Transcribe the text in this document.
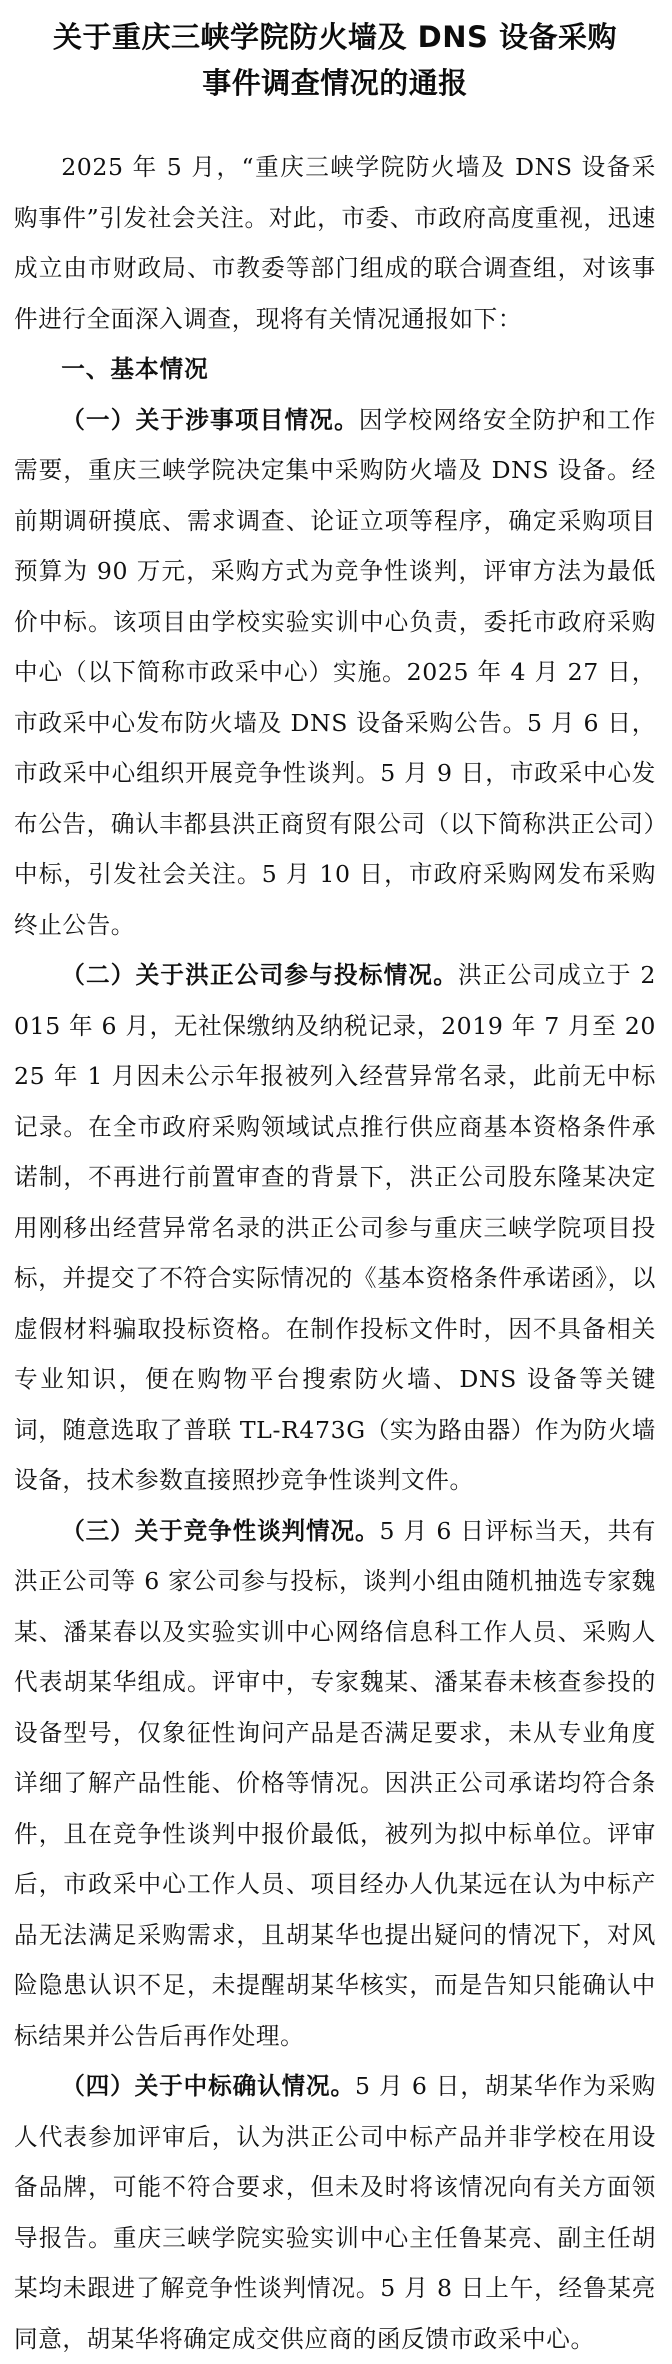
关于重庆三峡学院防火墙及 DNS 设备采购
事件调查情况的通报

2025 年 5 月，“重庆三峡学院防火墙及 DNS 设备采购事件”引发社会关注。对此，市委、市政府高度重视，迅速成立由市财政局、市教委等部门组成的联合调查组，对该事件进行全面深入调查，现将有关情况通报如下：

一、基本情况

（一）关于涉事项目情况。因学校网络安全防护和工作需要，重庆三峡学院决定集中采购防火墙及 DNS 设备。经前期调研摸底、需求调查、论证立项等程序，确定采购项目预算为 90 万元，采购方式为竞争性谈判，评审方法为最低价中标。该项目由学校实验实训中心负责，委托市政府采购中心（以下简称市政采中心）实施。2025 年 4 月 27 日，市政采中心发布防火墙及 DNS 设备采购公告。5 月 6 日，市政采中心组织开展竞争性谈判。5 月 9 日，市政采中心发布公告，确认丰都县洪正商贸有限公司（以下简称洪正公司）中标，引发社会关注。5 月 10 日，市政府采购网发布采购终止公告。

（二）关于洪正公司参与投标情况。洪正公司成立于 2015 年 6 月，无社保缴纳及纳税记录，2019 年 7 月至 2025 年 1 月因未公示年报被列入经营异常名录，此前无中标记录。在全市政府采购领域试点推行供应商基本资格条件承诺制，不再进行前置审查的背景下，洪正公司股东隆某决定用刚移出经营异常名录的洪正公司参与重庆三峡学院项目投标，并提交了不符合实际情况的《基本资格条件承诺函》，以虚假材料骗取投标资格。在制作投标文件时，因不具备相关专业知识，便在购物平台搜索防火墙、DNS 设备等关键词，随意选取了普联 TL-R473G（实为路由器）作为防火墙设备，技术参数直接照抄竞争性谈判文件。

（三）关于竞争性谈判情况。5 月 6 日评标当天，共有洪正公司等 6 家公司参与投标，谈判小组由随机抽选专家魏某、潘某春以及实验实训中心网络信息科工作人员、采购人代表胡某华组成。评审中，专家魏某、潘某春未核查参投的设备型号，仅象征性询问产品是否满足要求，未从专业角度详细了解产品性能、价格等情况。因洪正公司承诺均符合条件，且在竞争性谈判中报价最低，被列为拟中标单位。评审后，市政采中心工作人员、项目经办人仇某远在认为中标产品无法满足采购需求，且胡某华也提出疑问的情况下，对风险隐患认识不足，未提醒胡某华核实，而是告知只能确认中标结果并公告后再作处理。

（四）关于中标确认情况。5 月 6 日，胡某华作为采购人代表参加评审后，认为洪正公司中标产品并非学校在用设备品牌，可能不符合要求，但未及时将该情况向有关方面领导报告。重庆三峡学院实验实训中心主任鲁某亮、副主任胡某均未跟进了解竞争性谈判情况。5 月 8 日上午，经鲁某亮同意，胡某华将确定成交供应商的函反馈市政采中心。
